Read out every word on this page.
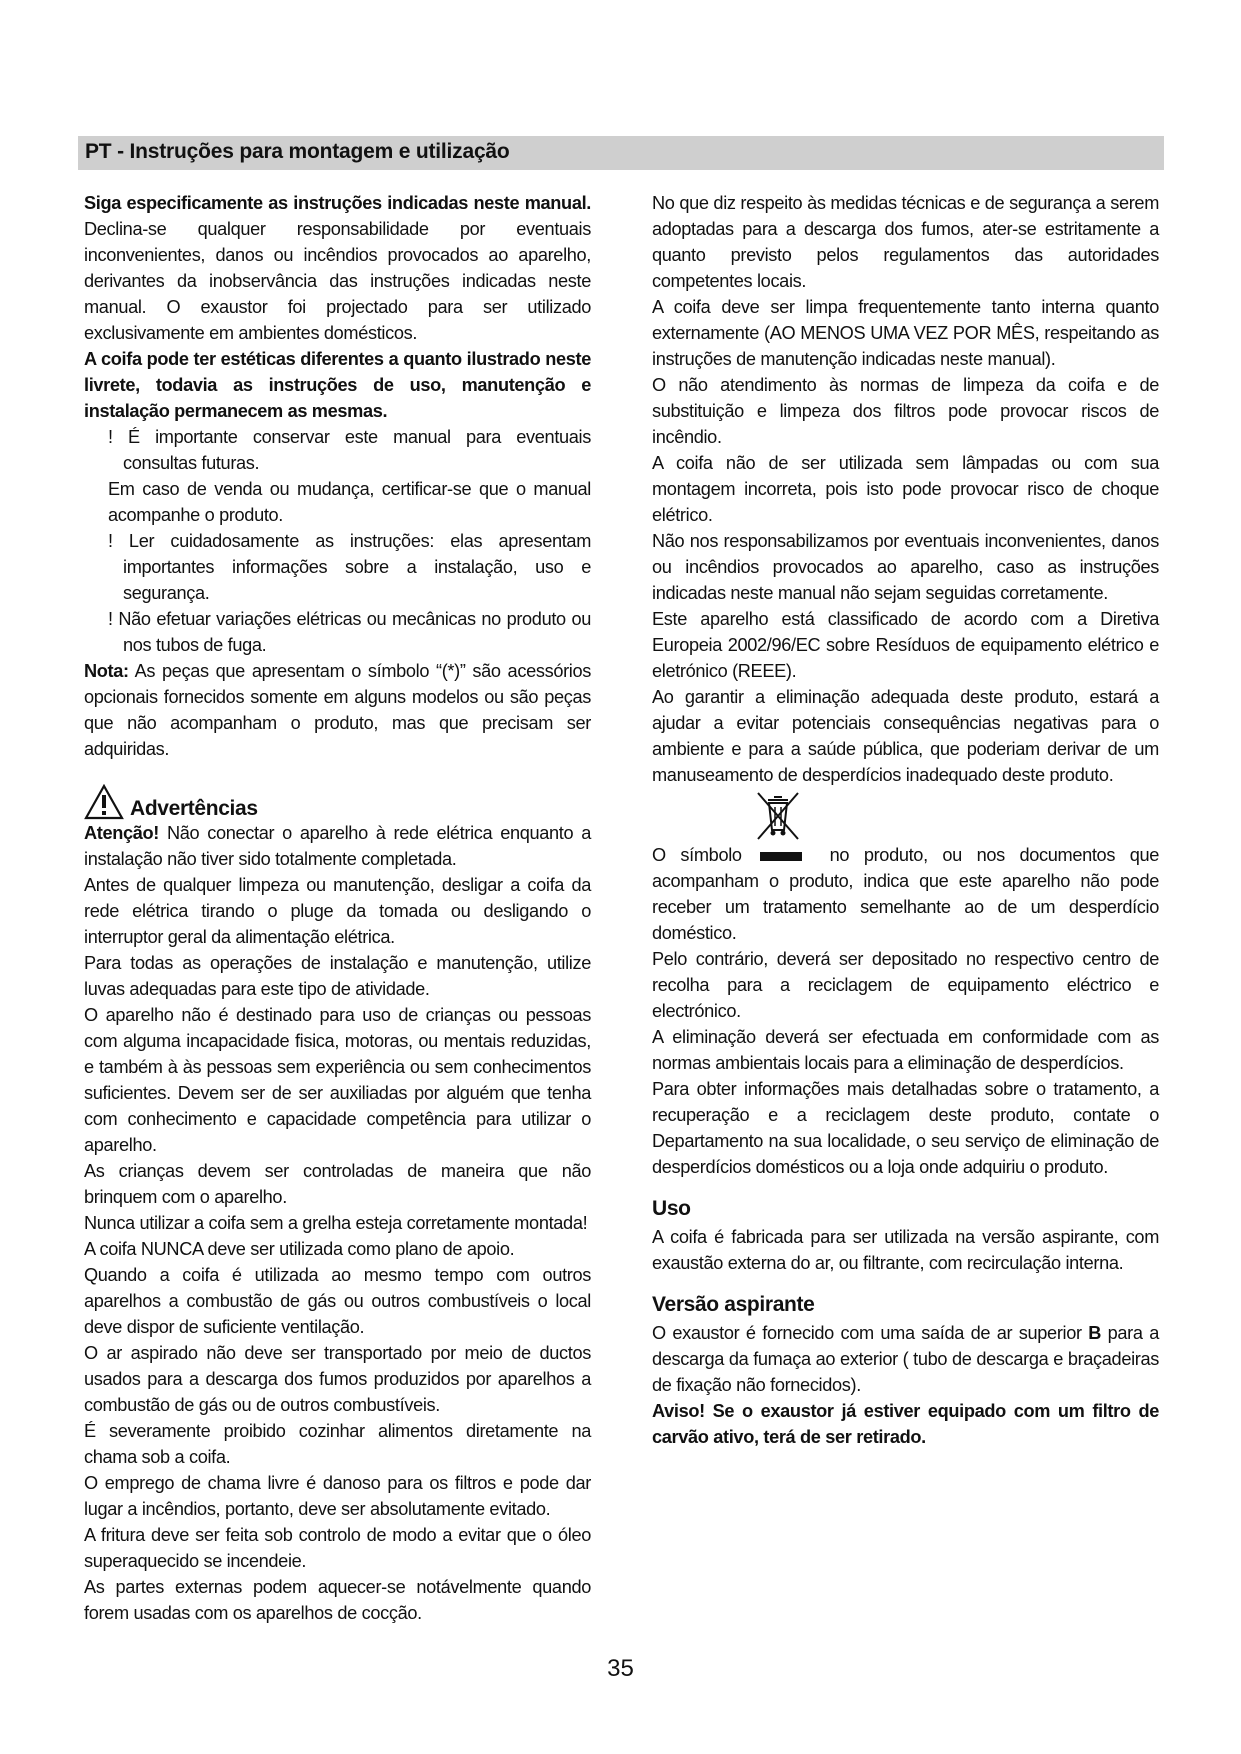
PT - Instruções para montagem e utilização

Siga especificamente as instruções indicadas neste manual. Declina-se qualquer responsabilidade por eventuais inconvenientes, danos ou incêndios provocados ao aparelho, derivantes da inobservância das instruções indicadas neste manual. O exaustor foi projectado para ser utilizado exclusivamente em ambientes domésticos.

A coifa pode ter estéticas diferentes a quanto ilustrado neste livrete, todavia as instruções de uso, manutenção e instalação permanecem as mesmas.

! É importante conservar este manual para eventuais consultas futuras.

Em caso de venda ou mudança, certificar-se que o manual acompanhe o produto.

! Ler cuidadosamente as instruções: elas apresentam importantes informações sobre a instalação, uso e segurança.

! Não efetuar variações elétricas ou mecânicas no produto ou nos tubos de fuga.

Nota: As peças que apresentam o símbolo “(*)” são acessórios opcionais fornecidos somente em alguns modelos ou são peças que não acompanham o produto, mas que precisam ser adquiridas.

Advertências

Atenção! Não conectar o aparelho à rede elétrica enquanto a instalação não tiver sido totalmente completada.

Antes de qualquer limpeza ou manutenção, desligar a coifa da rede elétrica tirando o pluge da tomada ou desligando o interruptor geral da alimentação elétrica.

Para todas as operações de instalação e manutenção, utilize luvas adequadas para este tipo de atividade.

O aparelho não é destinado para uso de crianças ou pessoas com alguma incapacidade fisica, motoras, ou mentais reduzidas, e também à às pessoas sem experiência ou sem conhecimentos suficientes. Devem ser de ser auxiliadas por alguém que tenha com conhecimento e capacidade competência para utilizar o aparelho.

As crianças devem ser controladas de maneira que não brinquem com o aparelho.

Nunca utilizar a coifa sem a grelha esteja corretamente montada!

A coifa NUNCA deve ser utilizada como plano de apoio.

Quando a coifa é utilizada ao mesmo tempo com outros aparelhos a combustão de gás ou outros combustíveis o local deve dispor de suficiente ventilação.

O ar aspirado não deve ser transportado por meio de ductos usados para a descarga dos fumos produzidos por aparelhos a combustão de gás ou de outros combustíveis.

É severamente proibido cozinhar alimentos diretamente na chama sob a coifa.

O emprego de chama livre é danoso para os filtros e pode dar lugar a incêndios, portanto, deve ser absolutamente evitado.

A fritura deve ser feita sob controlo de modo a evitar que o óleo superaquecido se incendeie.

As partes externas podem aquecer-se notávelmente quando forem usadas com os aparelhos de cocção.

No que diz respeito às medidas técnicas e de segurança a serem adoptadas para a descarga dos fumos, ater-se estritamente a quanto previsto pelos regulamentos das autoridades competentes locais.

A coifa deve ser limpa frequentemente tanto interna quanto externamente (AO MENOS UMA VEZ POR MÊS, respeitando as instruções de manutenção indicadas neste manual).

O não atendimento às normas de limpeza da coifa e de substituição e limpeza dos filtros pode provocar riscos de incêndio.

A coifa não de ser utilizada sem lâmpadas ou com sua montagem incorreta, pois isto pode provocar risco de choque elétrico.

Não nos responsabilizamos por eventuais inconvenientes, danos ou incêndios provocados ao aparelho, caso as instruções indicadas neste manual não sejam seguidas corretamente.

Este aparelho está classificado de acordo com a Diretiva Europeia 2002/96/EC sobre Resíduos de equipamento elétrico e eletrónico (REEE).

Ao garantir a eliminação adequada deste produto, estará a ajudar a evitar potenciais consequências negativas para o ambiente e para a saúde pública, que poderiam derivar de um manuseamento de desperdícios inadequado deste produto.

O símbolo	no produto, ou nos documentos que acompanham o produto, indica que este aparelho não pode receber um tratamento semelhante ao de um desperdício doméstico.

Pelo contrário, deverá ser depositado no respectivo centro de recolha para a reciclagem de equipamento eléctrico e electrónico.

A eliminação deverá ser efectuada em conformidade com as normas ambientais locais para a eliminação de desperdícios.

Para obter informações mais detalhadas sobre o tratamento, a recuperação e a reciclagem deste produto, contate o Departamento na sua localidade, o seu serviço de eliminação de desperdícios domésticos ou a loja onde adquiriu o produto.

Uso

A coifa é fabricada para ser utilizada na versão aspirante, com exaustão externa do ar, ou filtrante, com recirculação interna.

Versão aspirante

O exaustor é fornecido com uma saída de ar superior B para a descarga da fumaça ao exterior ( tubo de descarga e braçadeiras de fixação não fornecidos).

Aviso! Se o exaustor já estiver equipado com um filtro de carvão ativo, terá de ser retirado.

35
